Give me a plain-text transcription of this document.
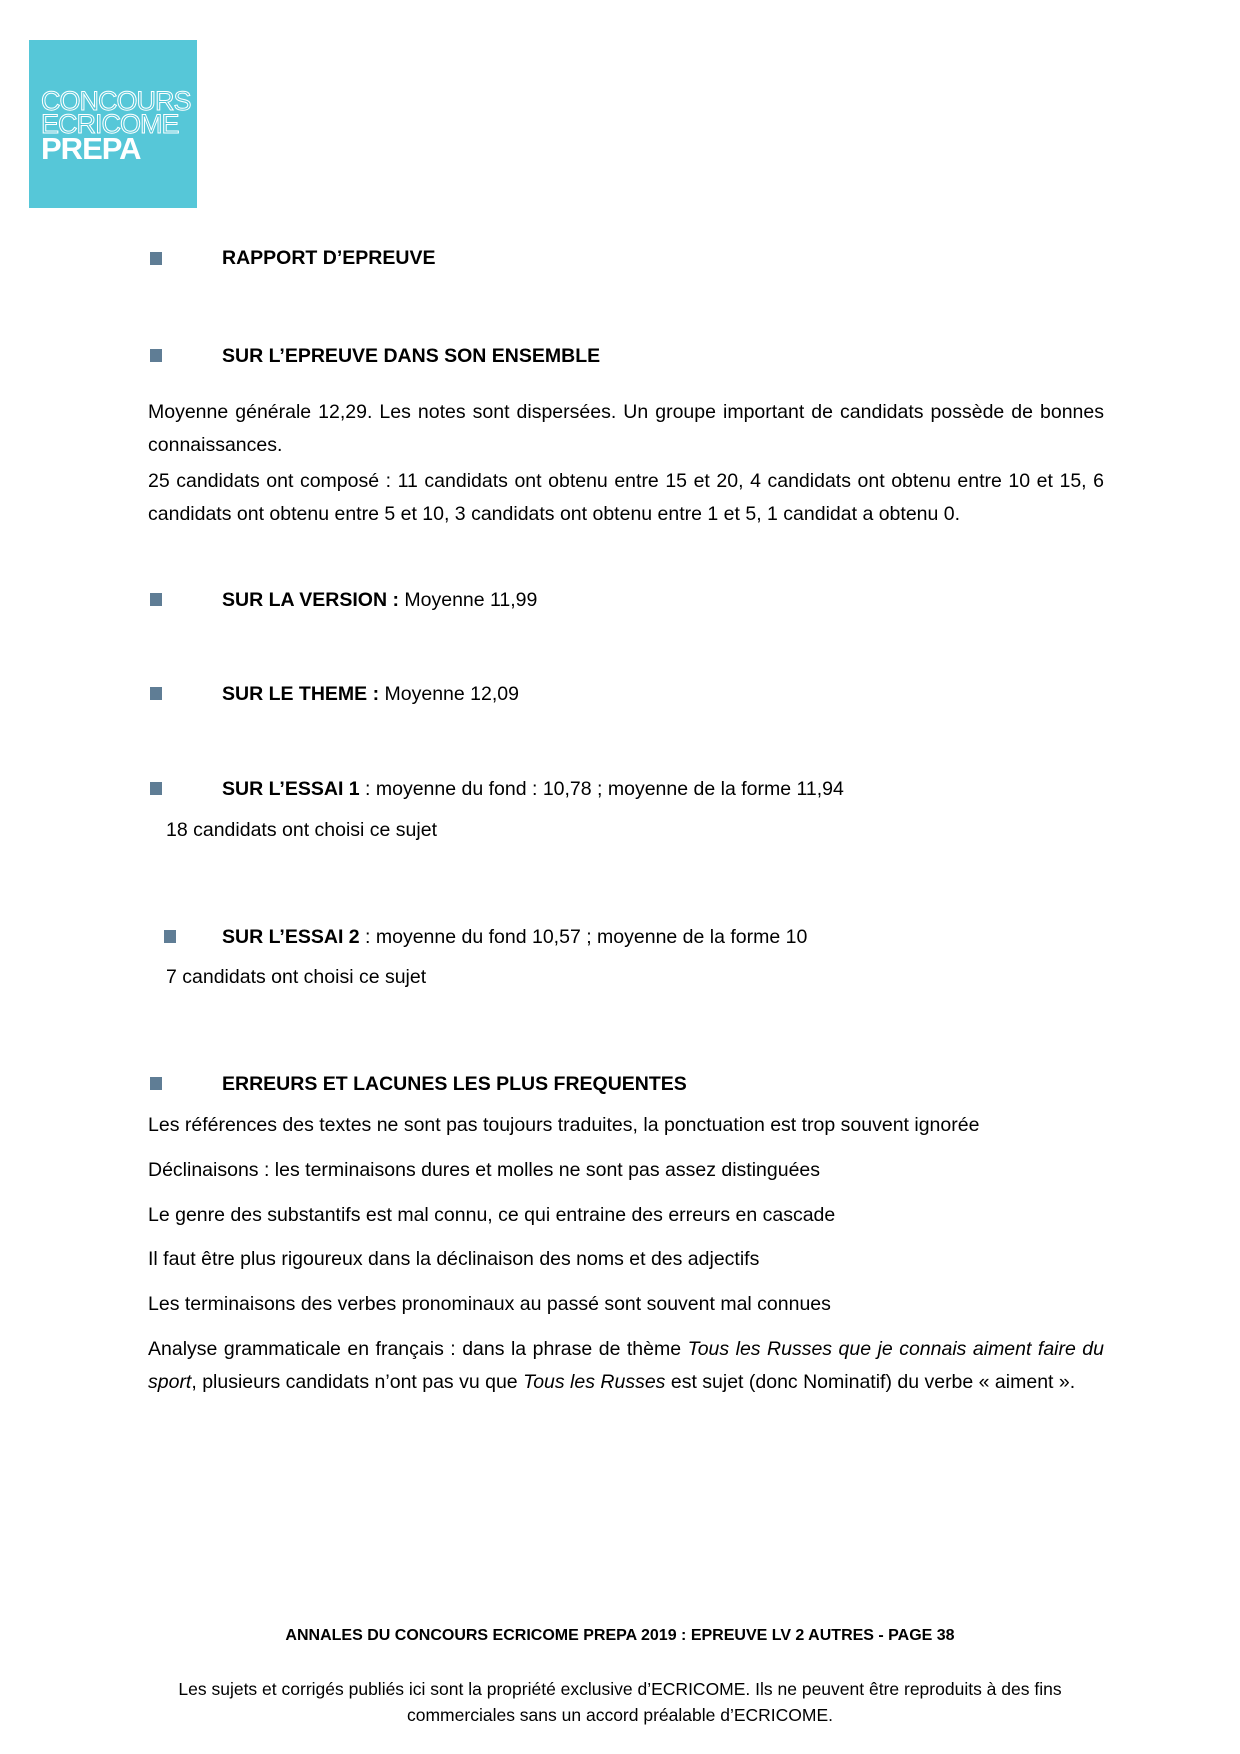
CONCOURS
ECRICOME
PREPA
RAPPORT D’EPREUVE
SUR L’EPREUVE DANS SON ENSEMBLE
Moyenne générale 12,29. Les notes sont dispersées. Un groupe important de candidats possède de bonnes connaissances.
25 candidats ont composé : 11 candidats ont obtenu entre 15 et 20, 4 candidats ont obtenu entre 10 et 15, 6 candidats ont obtenu entre 5 et 10, 3 candidats ont obtenu entre 1 et 5, 1 candidat a obtenu 0.
SUR LA VERSION : Moyenne 11,99
SUR LE THEME : Moyenne 12,09
SUR L’ESSAI 1 : moyenne du fond : 10,78 ; moyenne de la forme 11,94
18 candidats ont choisi ce sujet
SUR L’ESSAI 2 : moyenne du fond 10,57 ; moyenne de la forme 10
7 candidats ont choisi ce sujet
ERREURS ET LACUNES LES PLUS FREQUENTES
Les références des textes ne sont pas toujours traduites, la ponctuation est trop souvent ignorée
Déclinaisons : les terminaisons dures et molles ne sont pas assez distinguées
Le genre des substantifs est mal connu, ce qui entraine des erreurs en cascade
Il faut être plus rigoureux dans la déclinaison des noms et des adjectifs
Les terminaisons des verbes pronominaux au passé sont souvent mal connues
Analyse grammaticale en français : dans la phrase de thème Tous les Russes que je connais aiment faire du sport, plusieurs candidats n’ont pas vu que Tous les Russes est sujet (donc Nominatif) du verbe « aiment ».
ANNALES DU CONCOURS ECRICOME PREPA 2019 : EPREUVE LV 2 AUTRES - PAGE 38
Les sujets et corrigés publiés ici sont la propriété exclusive d’ECRICOME. Ils ne peuvent être reproduits à des fins commerciales sans un accord préalable d’ECRICOME.
